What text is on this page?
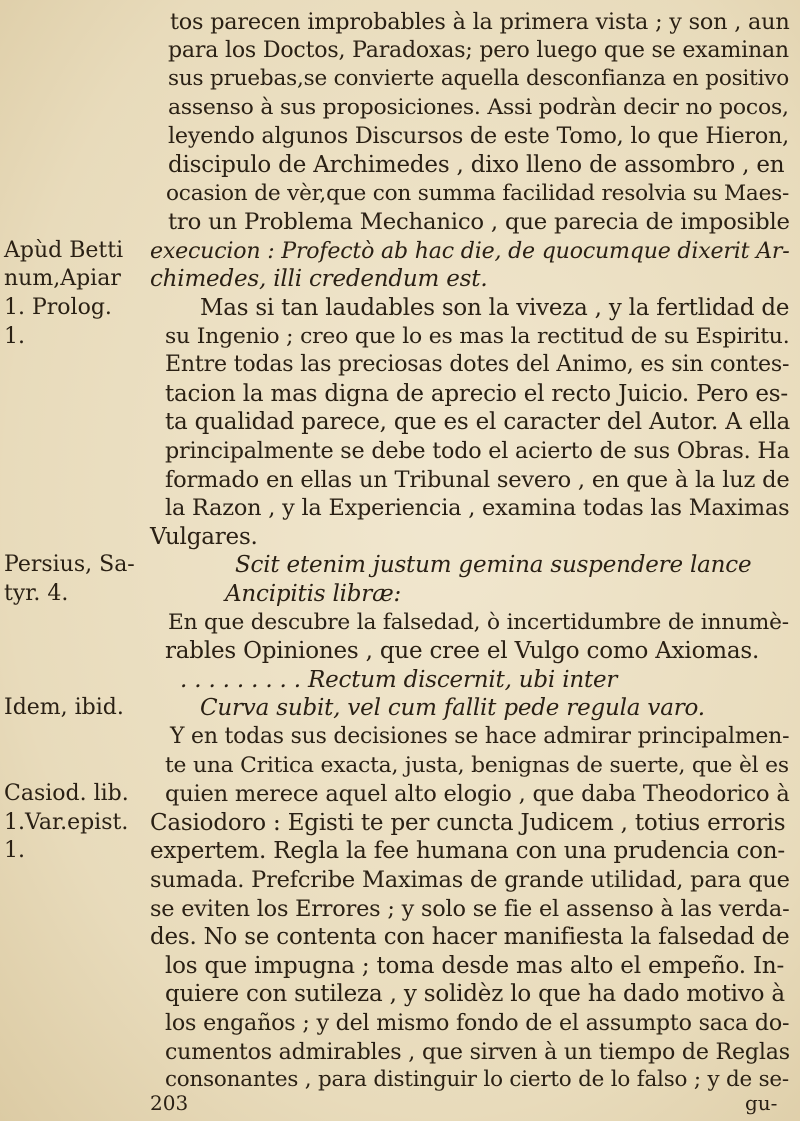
tos parecen improbables à la primera vista ; y son , aun
para los Doctos, Paradoxas; pero luego que se examinan
sus pruebas,se convierte aquella desconfianza en positivo
assenso à sus proposiciones. Assi podràn decir no pocos,
leyendo algunos Discursos de este Tomo, lo que Hieron,
discipulo de Archimedes , dixo lleno de assombro , en
ocasion de vèr,que con summa facilidad resolvia su Maes-
tro un Problema Mechanico , que parecia de imposible
execucion : Profectò ab hac die, de quocumque dixerit Ar-
Apùd Betti
chimedes, illi credendum est.
num,Apiar
Mas si tan laudables son la viveza , y la fertlidad de
1. Prolog.
su Ingenio ; creo que lo es mas la rectitud de su Espiritu.
1.
Entre todas las preciosas dotes del Animo, es sin contes-
tacion la mas digna de aprecio el recto Juicio. Pero es-
ta qualidad parece, que es el caracter del Autor. A ella
principalmente se debe todo el acierto de sus Obras. Ha
formado en ellas un Tribunal severo , en que à la luz de
la Razon , y la Experiencia , examina todas las Maximas
Vulgares.
Scit etenim justum gemina suspendere lance
Persius, Sa-
Ancipitis libræ:
tyr. 4.
En que descubre la falsedad, ò incertidumbre de innumè-
rables Opiniones , que cree el Vulgo como Axiomas.
. . . . . . . . . Rectum discernit, ubi inter
Curva subit, vel cum fallit pede regula varo.
Idem, ibid.
Y en todas sus decisiones se hace admirar principalmen-
te una Critica exacta, justa, benignas de suerte, que èl es
quien merece aquel alto elogio , que daba Theodorico à
Casiod. lib.
Casiodoro : Egisti te per cuncta Judicem , totius erroris
1.Var.epist.
expertem. Regla la fee humana con una prudencia con-
1.
sumada. Prefcribe Maximas de grande utilidad, para que
se eviten los Errores ; y solo se fie el assenso à las verda-
des. No se contenta con hacer manifiesta la falsedad de
los que impugna ; toma desde mas alto el empeño. In-
quiere con sutileza , y solidèz lo que ha dado motivo à
los engaños ; y del mismo fondo de el assumpto saca do-
cumentos admirables , que sirven à un tiempo de Reglas
consonantes , para distinguir lo cierto de lo falso ; y de se-
203	gu-
